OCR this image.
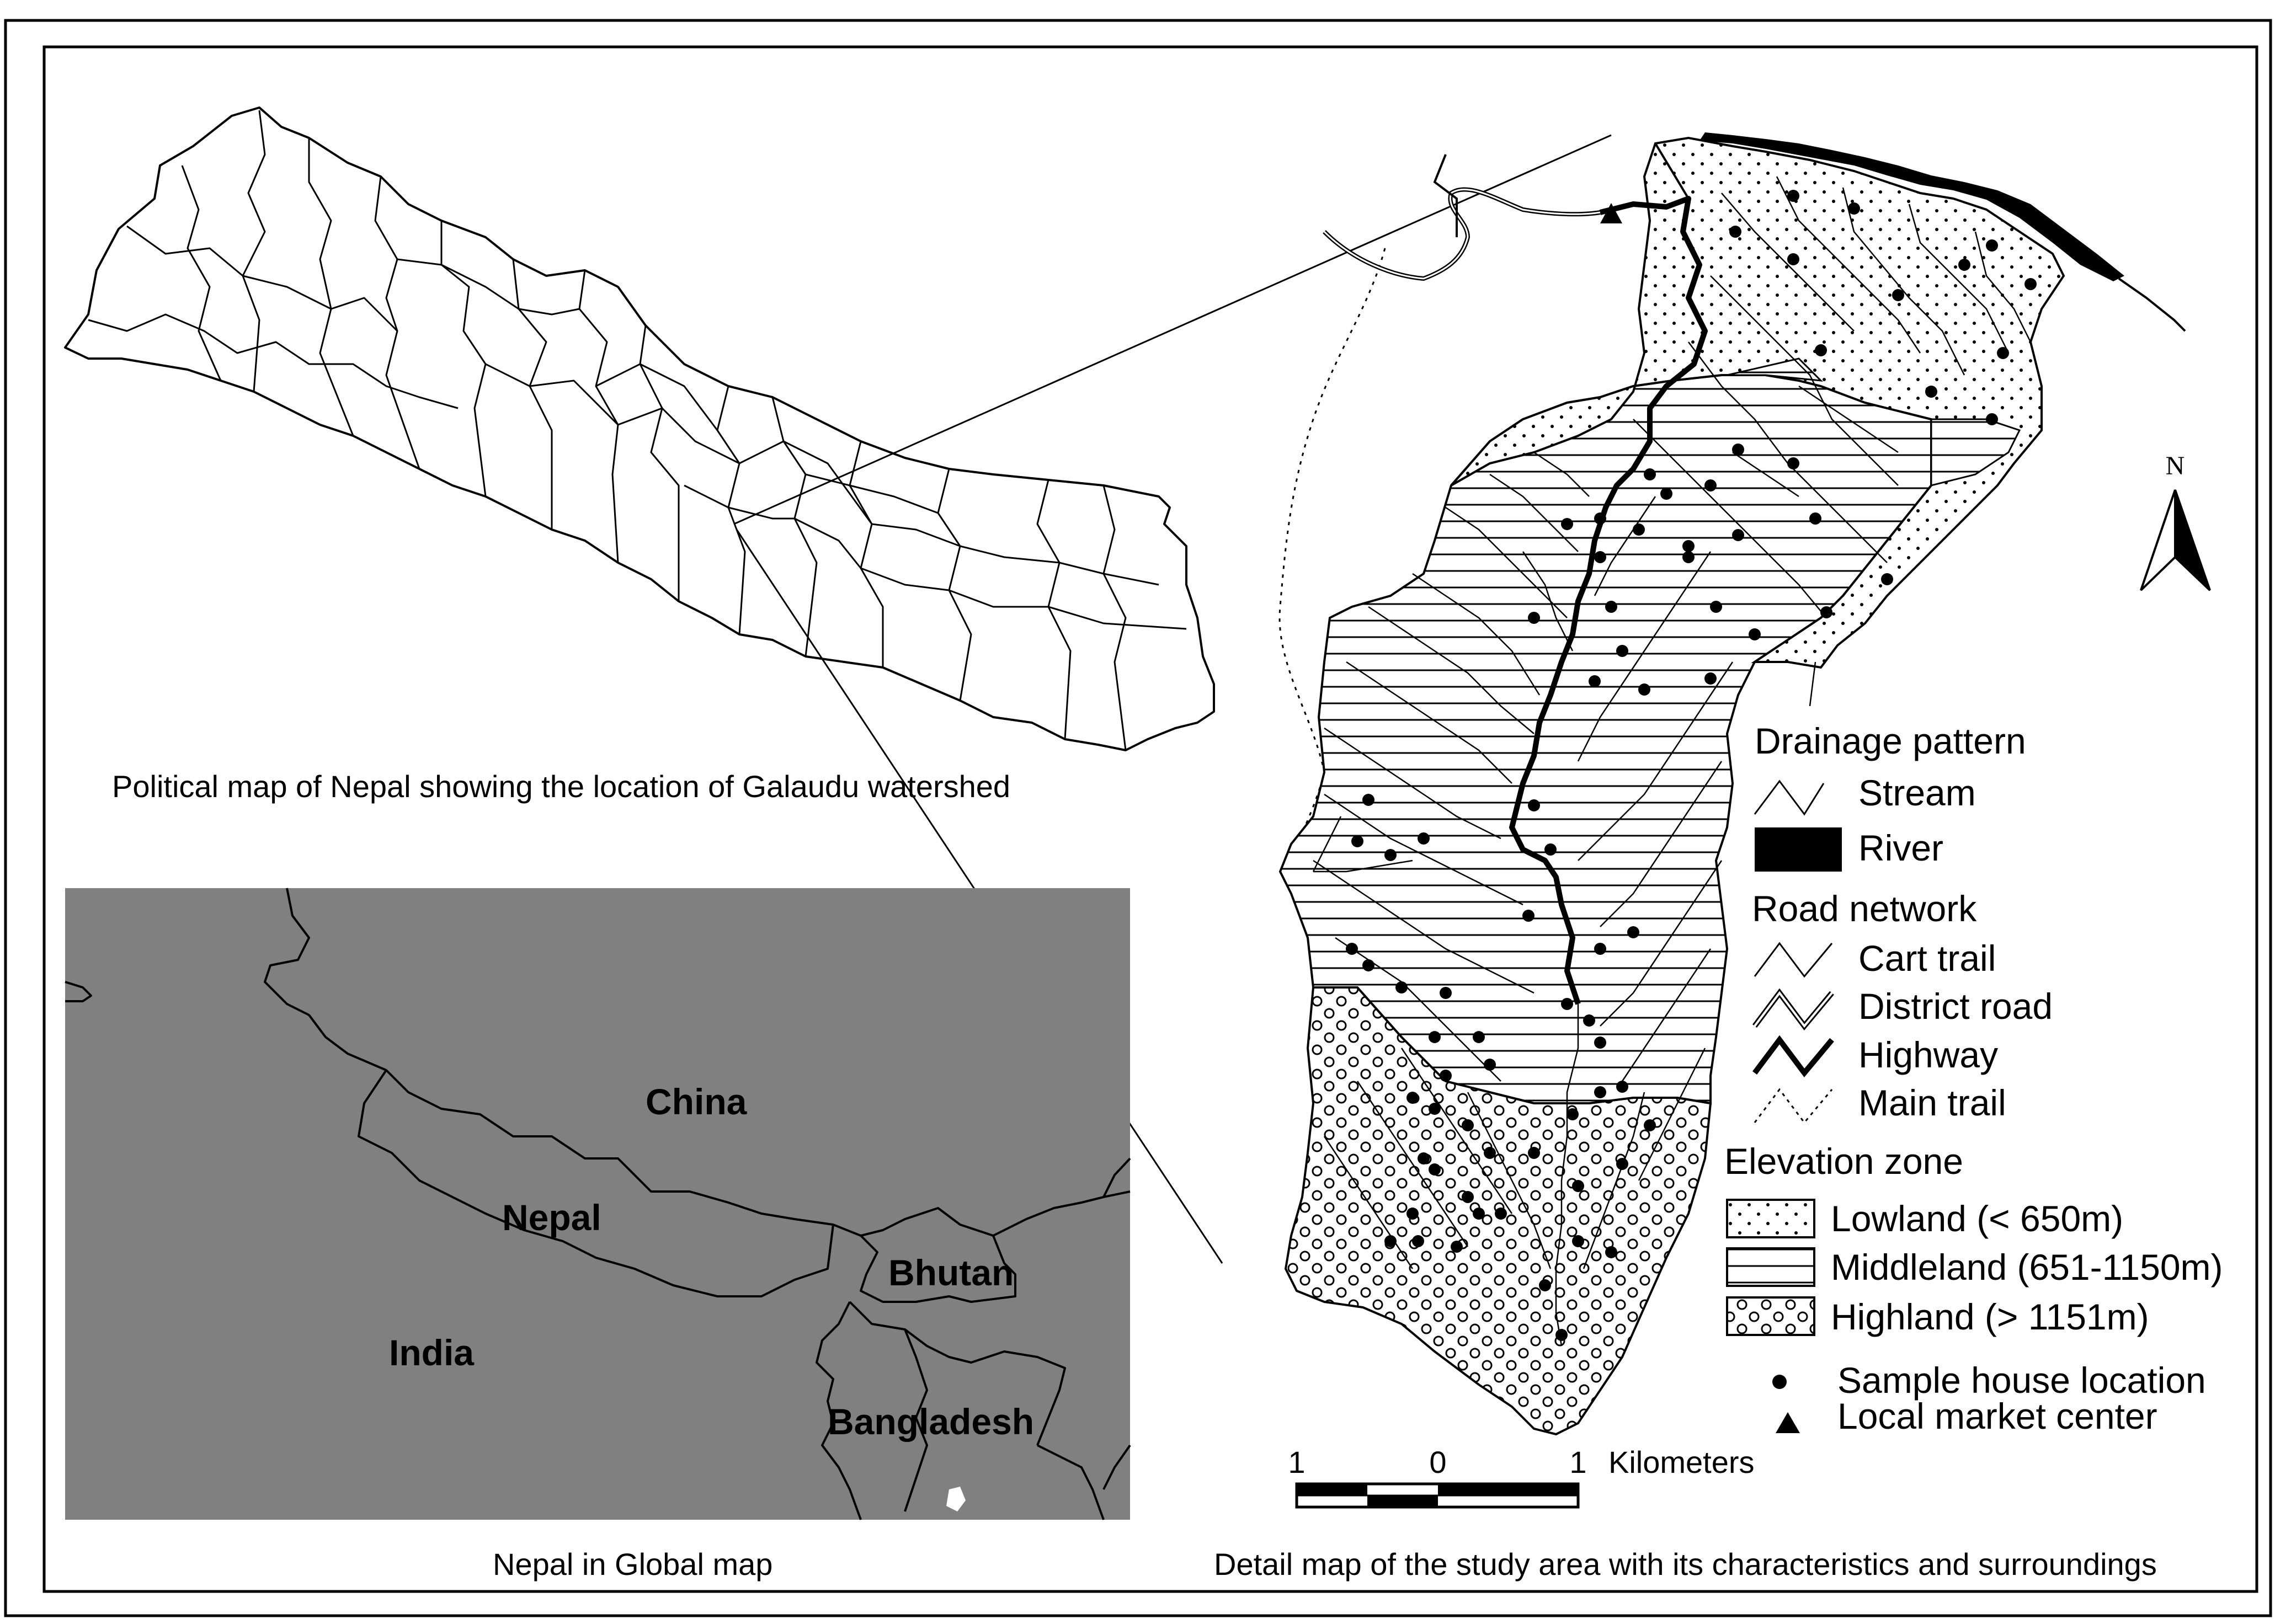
China
Nepal
Bhutan
India
Bangladesh
N
Drainage pattern
Stream
River
Road network
Cart trail
District road
Highway
Main trail
Elevation zone
Lowland (< 650m)
Middleland (651-1150m)
Highland (> 1151m)
Sample house location
Local market center
1	0	1 Kilometers
Political map of Nepal showing the location of Galaudu watershed
Nepal in Global map	Detail map of the study area with its characteristics and surroundings
